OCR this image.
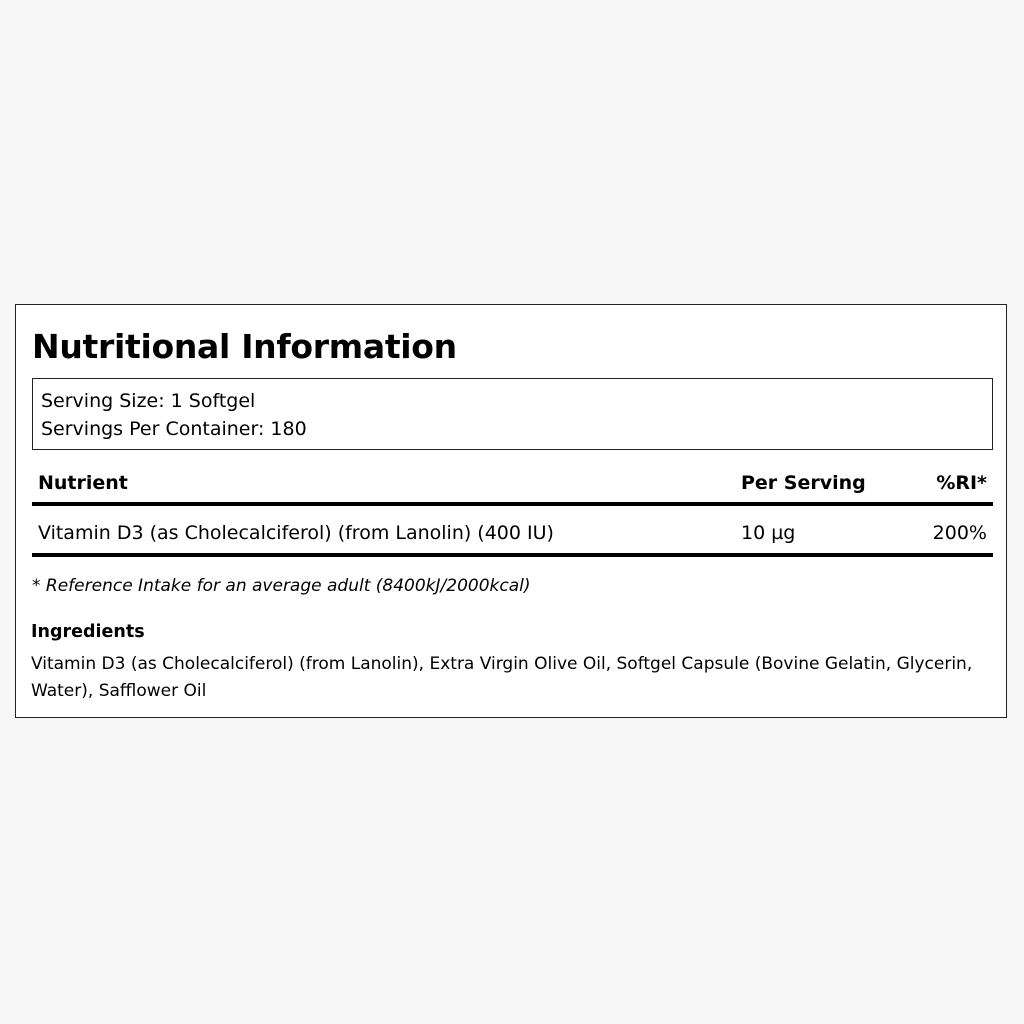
Nutritional Information
Serving Size: 1 Softgel
Servings Per Container: 180
Nutrient	Per Serving	%RI*
Vitamin D3 (as Cholecalciferol) (from Lanolin) (400 IU)	10 µg	200%
* Reference Intake for an average adult (8400kJ/2000kcal)
Ingredients
Vitamin D3 (as Cholecalciferol) (from Lanolin), Extra Virgin Olive Oil, Softgel Capsule (Bovine Gelatin, Glycerin, Water), Safflower Oil
